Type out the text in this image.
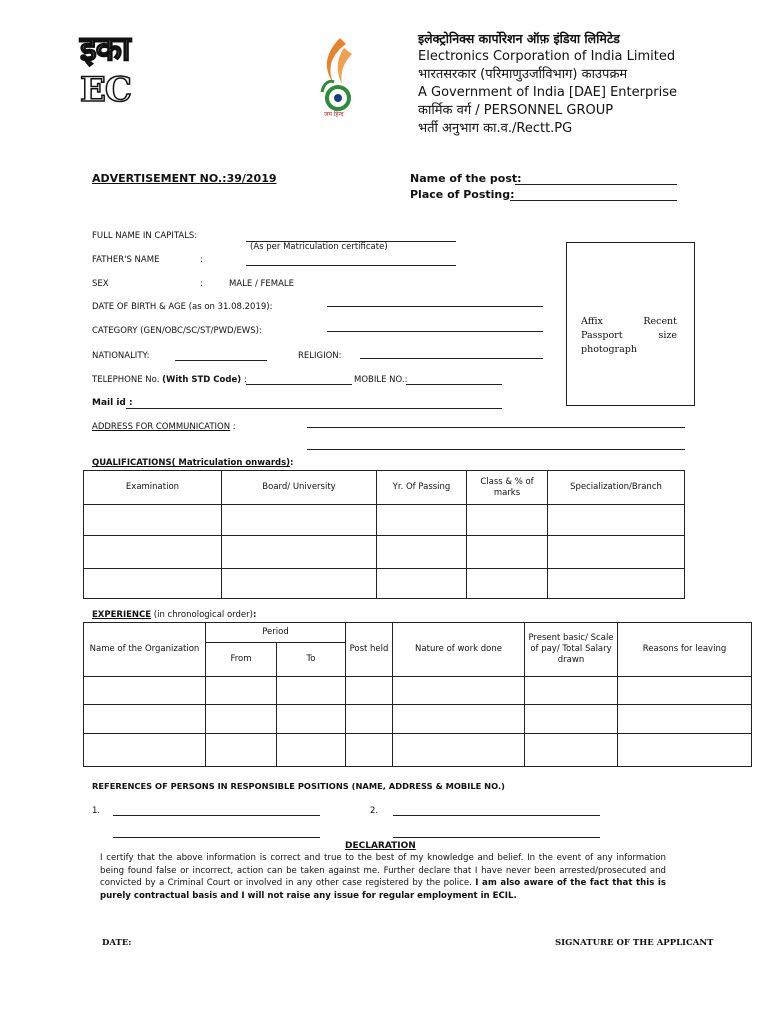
इका EC
जय हिन्द
इलेक्ट्रोनिक्स कार्पोरेशन ऑफ़ इंडिया लिमिटेड
Electronics Corporation of India Limited
भारतसरकार (परिमाणुउर्जाविभाग) काउपक्रम
A Government of India [DAE] Enterprise
कार्मिक वर्ग / PERSONNEL GROUP
भर्ती अनुभाग का.व./Rectt.PG
ADVERTISEMENT NO.:39/2019	Name of the post:
Place of Posting:
FULL NAME IN CAPITALS:
(As per Matriculation certificate)
FATHER'S NAME	:
SEX	:	MALE / FEMALE
DATE OF BIRTH & AGE (as on 31.08.2019):
CATEGORY (GEN/OBC/SC/ST/PWD/EWS):
NATIONALITY:	RELIGION:
TELEPHONE No. (With STD Code) :	MOBILE NO.:
Mail id :
ADDRESS FOR COMMUNICATION :
Affix	Recent
Passport	size
photograph
QUALIFICATIONS( Matriculation onwards):
Examination	Board/ University	Yr. Of Passing	Class & % of marks	Specialization/Branch

EXPERIENCE (in chronological order):
Name of the Organization	Period		Post held	Nature of work done	Present basic/ Scale of pay/ Total Salary drawn	Reasons for leaving
	From	To				

REFERENCES OF PERSONS IN RESPONSIBLE POSITIONS (NAME, ADDRESS & MOBILE NO.)
1.	2.
DECLARATION
I certify that the above information is correct and true to the best of my knowledge and belief. In the event of any information being found false or incorrect, action can be taken against me. Further declare that I have never been arrested/prosecuted and convicted by a Criminal Court or involved in any other case registered by the police. I am also aware of the fact that this is purely contractual basis and I will not raise any issue for regular employment in ECIL.
DATE:	SIGNATURE OF THE APPLICANT
